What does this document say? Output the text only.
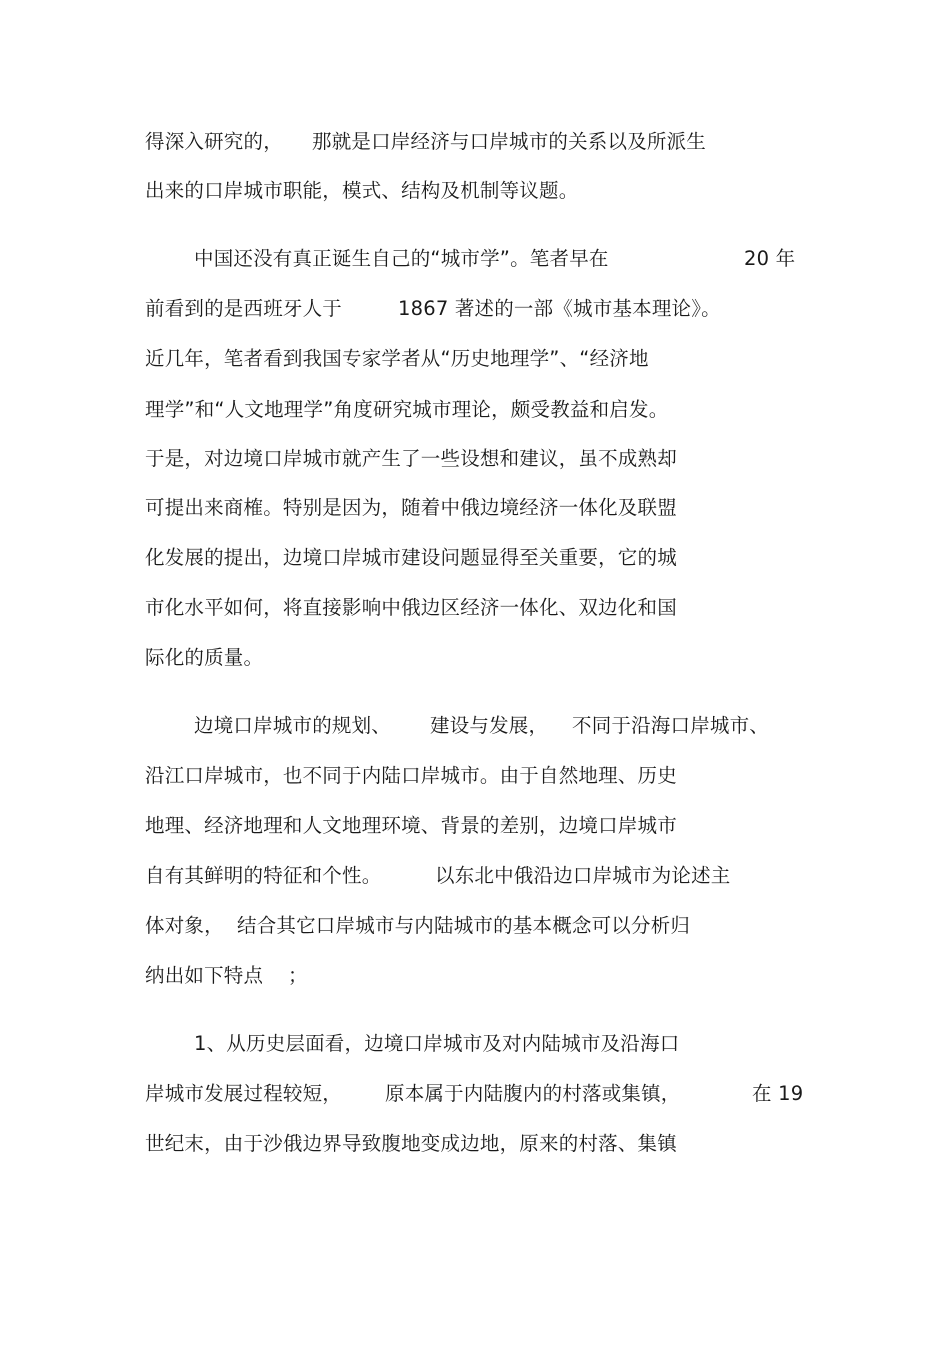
得深入研究的，

那就是口岸经济与口岸城市的关系以及所派生

出来的口岸城市职能，模式、结构及机制等议题。

中国还没有真正诞生自己的“城市学”。笔者早在

	20 年

前看到的是西班牙人于

	1867 著述的一部《城市基本理论》。

近几年，笔者看到我国专家学者从“历史地理学”、“经济地

理学”和“人文地理学”角度研究城市理论，颇受教益和启发。

于是，对边境口岸城市就产生了一些设想和建议，虽不成熟却

可提出来商榷。特别是因为，随着中俄边境经济一体化及联盟

化发展的提出，边境口岸城市建设问题显得至关重要，它的城

市化水平如何，将直接影响中俄边区经济一体化、双边化和国

际化的质量。

边境口岸城市的规划、

建设与发展，

不同于沿海口岸城市、

沿江口岸城市，也不同于内陆口岸城市。由于自然地理、历史

地理、经济地理和人文地理环境、背景的差别，边境口岸城市

自有其鲜明的特征和个性。

	以东北中俄沿边口岸城市为论述主

体对象，

结合其它口岸城市与内陆城市的基本概念可以分析归

纳出如下特点

；

1、从历史层面看，边境口岸城市及对内陆城市及沿海口

岸城市发展过程较短，

原本属于内陆腹内的村落或集镇，

	在 19

世纪末，由于沙俄边界导致腹地变成边地，原来的村落、集镇
